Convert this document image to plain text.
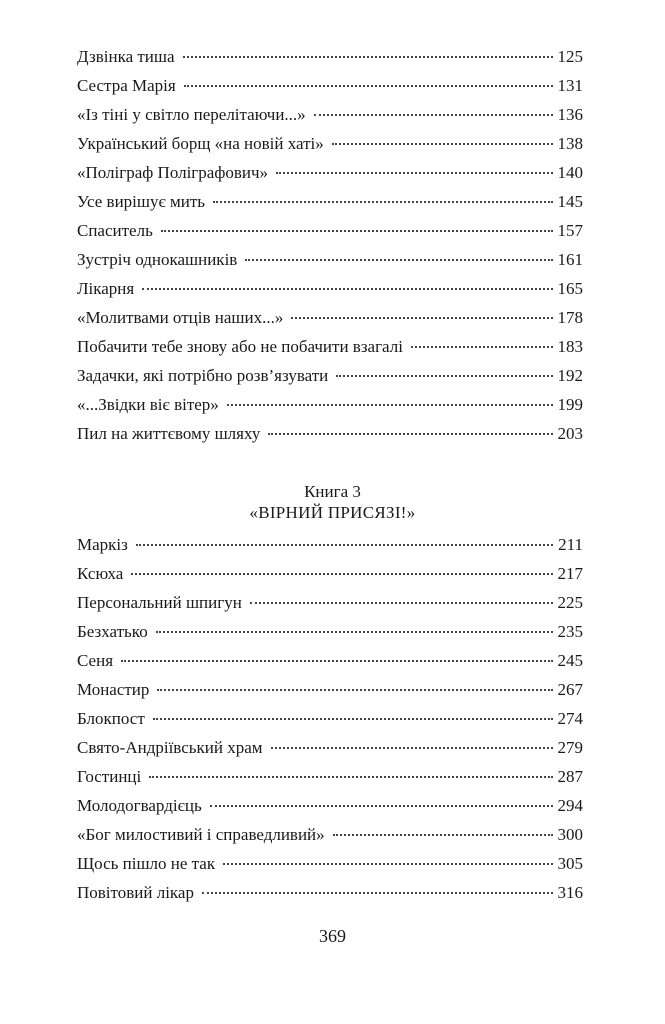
Дзвінка тиша	125
Сестра Марія	131
«Із тіні у світло перелітаючи...»	136
Український борщ «на новій хаті»	138
«Поліграф Поліграфович»	140
Усе вирішує мить	145
Спаситель	157
Зустріч однокашників	161
Лікарня	165
«Молитвами отців наших...»	178
Побачити тебе знову або не побачити взагалі	183
Задачки, які потрібно розв’язувати	192
«...Звідки віє вітер»	199
Пил на життєвому шляху	203
Книга 3
«ВІРНИЙ ПРИСЯЗІ!»
Маркіз	211
Ксюха	217
Персональний шпигун	225
Безхатько	235
Сеня	245
Монастир	267
Блокпост	274
Свято-Андріївський храм	279
Гостинці	287
Молодогвардієць	294
«Бог милостивий і справедливий»	300
Щось пішло не так	305
Повітовий лікар	316
369
